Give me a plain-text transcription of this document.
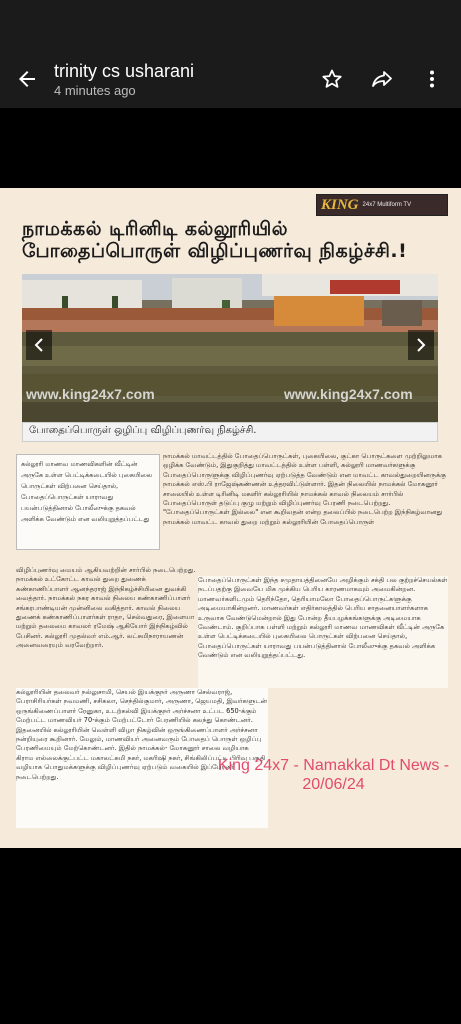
trinity cs usharani
4 minutes ago
KING 24x7 Multiform TV
நாமக்கல் டிரினிடி கல்லூரியில் போதைப்பொருள் விழிப்புணர்வு நிகழ்ச்சி.!
www.king24x7.com	www.king24x7.com
போதைப்பொருள் ஒழிப்பு விழிப்புணர்வு நிகழ்ச்சி.

கல்லூரி மாணவ மாணவிகளின் வீட்டின் அருகே உள்ள பெட்டிக்கடையில் புகையிலை பொருட்கள் விற்பனை செய்தால், போதைப்பொருட்கள் யாராவது பயன்படுத்தினால் போலீஸுக்கு தகவல் அளிக்க வேண்டும் என வலியுறுத்தப்பட்டது

நாமக்கல் மாவட்டத்தில் போதைப்பொருட்கள், புகையிலை, குட்கா பொருட்களை முற்றிலுமாக ஒழிக்க வேண்டும், இதுகுறித்து மாவட்டத்தில் உள்ள பள்ளி, கல்லூரி மாணவர்களுக்கு போதைப்பொருளுக்கு விழிப்புணர்வு ஏற்படுத்த வேண்டும் என மாவட்ட காவல்துறையினருக்கு நாமக்கல் எஸ்.பி ராஜேஷ்கண்ணன் உத்தரவிட்டுள்ளார். இதன் நிலையில் நாமக்கல் மோகனூர் சாலையில் உள்ள டிரினிடி மகளிர் கல்லூரியில் நாமக்கல் காவல் நிலையம் சார்பில் போதைப்பொருள் தடுப்பு குழு மற்றும் விழிப்புணர்வு பேரணி நடைபெற்றது. "போதைப்பொருட்கள் இல்லை" என கூறிவதன் என்ற தலைப்பில் நடைபெற்ற இந்நிகழ்வானது நாமக்கல் மாவட்ட காவல் துறை மற்றும் கல்லூரியின் போதைப்பொருள்
விழிப்புணர்வு மையம் ஆகியவற்றின் சார்பில் நடைபெற்றது. நாமக்கல் உட்கோட்ட காவல் துறை துணைக் கண்காணிப்பாளர் ஆனந்தராஜ் இந்நிகழ்ச்சியினை துவக்கி வைத்தார். நாமக்கல் நகர காவல் நிலைய கண்காணிப்பாளர் சங்கரபாண்டியன் முன்னிலை வகித்தார். காவல் நிலைய துணைக் கண்காணிப்பாளர்கள் ராதா, செல்வதுரை, இளையா மற்றும் தலைமை காவலர் ரமேஷ் ஆகியோர் இந்நிகழ்வில் பேசினர். கல்லூரி முதல்வர் எம்.ஆர். லட்சுமிநாராயணன் அனைவரையும் வரவேற்றார்.
போதைப்பொருட்கள் இந்த சமுதாயத்தினையே அழிக்கும் சக்தி பல குற்றச்செயல்கள் நடப்பதற்கு இவையே மிக முக்கிய பெரிய காரணமாகவும் அமைகின்றன. மாணவர்களிடமும் தெரிந்தோ, தெரியாமலோ போதைப்பொருட்களுக்கு அடிமையாகின்றனர். மாணவர்கள் எதிர்காலத்தில் பெரிய சாதனையாளர்களாக உருவாக வேண்டுமென்றால் இது போன்ற தீயபழக்கங்களுக்கு அடிமையாக வேண்டாம். குறிப்பாக பள்ளி மற்றும் கல்லூரி மாணவ மாணவிகள் வீட்டின் அருகே உள்ள பெட்டிக்கடையில் புகையிலை பொருட்கள் விற்பனை செய்தால், போதைப்பொருட்கள் யாராவது பயன்படுத்தினால் போலீஸுக்கு தகவல் அளிக்க வேண்டும் என வலியுறுத்தப்பட்டது.
கல்லூரியின் தலைவர் நல்லுசாமி, செயல் இயக்குநர் அருணா செல்வராஜ், பேராசிரியர்கள் நவமணி, சசிகலா, செந்தில்குமார், அருணா, ஜெயமதி, இவர்களுடன் ஒருங்கிணைப்பாளர் ரேனுகா, உடற்கல்வி இயக்குநர் அர்ச்சனா உட்பட 650-க்கும் மேற்பட்ட மாணவியர் 70-க்கும் மேற்பட்டோர் பேரணியில் கலந்து கொண்டனர். இதனையில் கல்லூரியின் வெள்ளி விழா நிகழ்வின் ஒருங்கிணைப்பாளர் அர்ச்சனா நன்றியுரை கூறினார். மேலும், மாணவியர் அனைவரும் போதைப் பொருள் ஒழிப்பு பேரணியையும் மேற்கொண்டனர். இதில் நாமக்கல்- மோகனூர் சாலை வழியாக கிராம எல்லைக்குட்பட்ட மகாலட்சுமி நகர், மகரிஷி நகர், சிங்கிலிப்பட்டி பிரிவு பகுதி வழியாக பொதுமக்களுக்கு விழிப்புணர்வு ஏற்படும் வகையில் இப்பேரணி நடைபெற்றது.
King 24x7 - Namakkal Dt News -
20/06/24
